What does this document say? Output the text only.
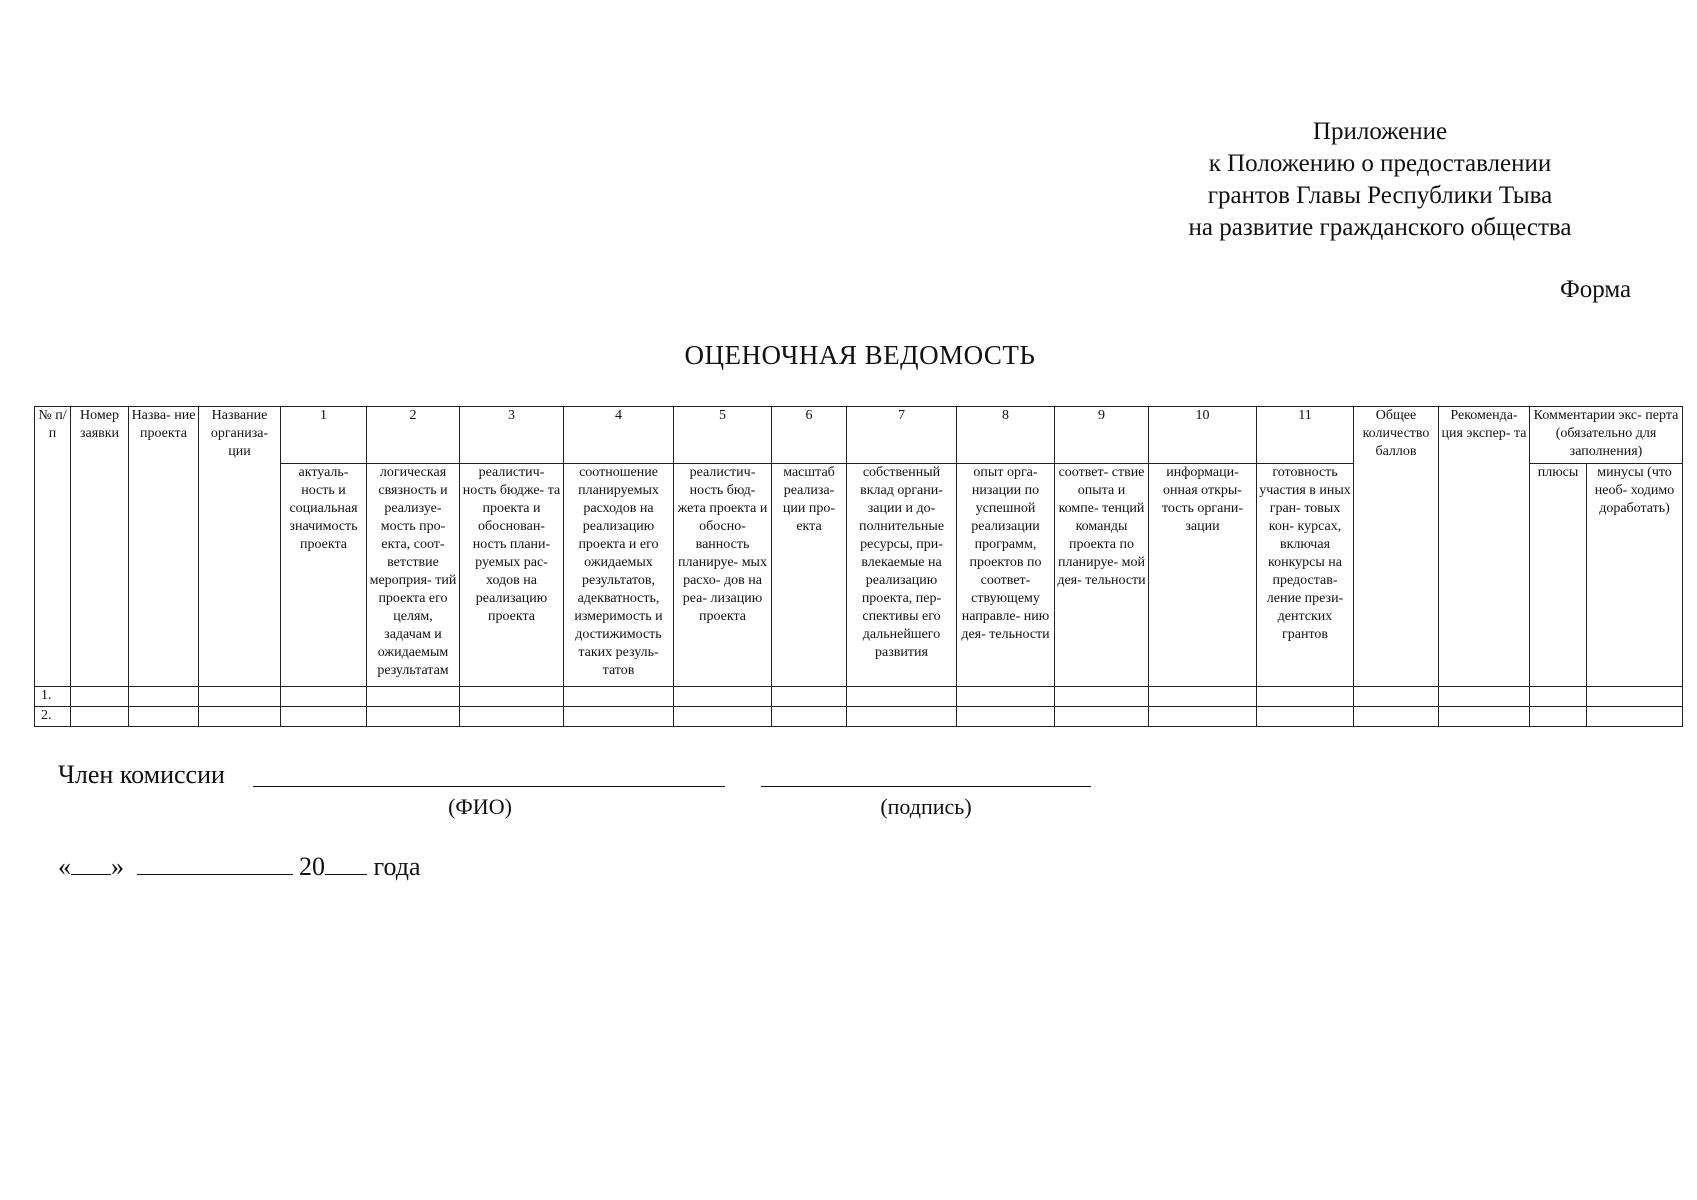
Приложение
к Положению о предоставлении
грантов Главы Республики Тыва
на развитие гражданского общества
Форма
ОЦЕНОЧНАЯ ВЕДОМОСТЬ
№ п/п	Номер заявки	Назва- ние проекта	Название организа- ции	1	2	3	4	5	6	7	8	9	10	11	Общее количество баллов	Рекоменда- ция экспер- та	Комментарии экс- перта (обязательно для заполнения)	
				актуаль- ность и социальная значимость проекта	логическая связность и реализуе- мость про- екта, соот- ветствие мероприя- тий проекта его целям, задачам и ожидаемым результатам	реалистич- ность бюдже- та проекта и обоснован- ность плани- руемых рас- ходов на реализацию проекта	соотношение планируемых расходов на реализацию проекта и его ожидаемых результатов, адекватность, измеримость и достижимость таких резуль- татов	реалистич- ность бюд- жета проекта и обосно- ванность планируе- мых расхо- дов на реа- лизацию проекта	масштаб реализа- ции про- екта	собственный вклад органи- зации и до- полнительные ресурсы, при- влекаемые на реализацию проекта, пер- спективы его дальнейшего развития	опыт орга- низации по успешной реализации программ, проектов по соответ- ствующему направле- нию дея- тельности	соответ- ствие опыта и компе- тенций команды проекта по планируе- мой дея- тельности	информаци- онная откры- тость органи- зации	готовность участия в иных гран- товых кон- курсах, включая конкурсы на предостав- ление прези- дентских грантов			плюсы	минусы (что необ- ходимо доработать)
1.																		
2.																		
Член комиссии
(ФИО)	(подпись)
« »	20 года
